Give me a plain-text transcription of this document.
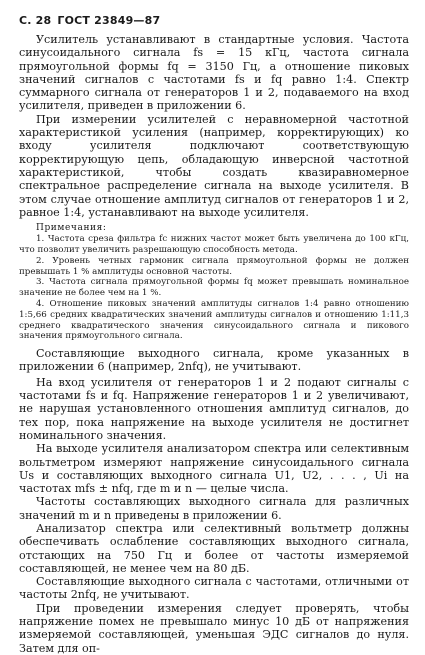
С. 28 ГОСТ 23849—87

Усилитель устанавливают в стандартные условия. Частота синусоидального сигнала fs = 15 кГц, частота сигнала прямоугольной формы fq = 3150 Гц, а отношение пиковых значений сигналов с частотами fs и fq равно 1:4. Спектр суммарного сигнала от генераторов 1 и 2, подаваемого на вход усилителя, приведен в приложении 6.

При измерении усилителей с неравномерной частотной характеристикой усиления (например, корректирующих) ко входу усилителя подключают соответствующую корректирующую цепь, обладающую инверсной частотной характеристикой, чтобы создать квазиравномерное спектральное распределение сигнала на выходе усилителя. В этом случае отношение амплитуд сигналов от генераторов 1 и 2, равное 1:4, устанавливают на выходе усилителя.

Примечания:

1. Частота среза фильтра fс нижних частот может быть увеличена до 100 кГц, что позволит увеличить разрешающую способность метода.

2. Уровень четных гармоник сигнала прямоугольной формы не должен превышать 1 % амплитуды основной частоты.

3. Частота сигнала прямоугольной формы fq может превышать номинальное значение не более чем на 1 %.

4. Отношение пиковых значений амплитуды сигналов 1:4 равно отношению 1:5,66 средних квадратических значений амплитуды сигналов и отношению 1:11,3 среднего квадратического значения синусоидального сигнала и пикового значения прямоугольного сигнала.

Составляющие выходного сигнала, кроме указанных в приложении 6 (например, 2nfq), не учитывают.

На вход усилителя от генераторов 1 и 2 подают сигналы с частотами fs и fq. Напряжение генераторов 1 и 2 увеличивают, не нарушая установленного отношения амплитуд сигналов, до тех пор, пока напряжение на выходе усилителя не достигнет номинального значения.

На выходе усилителя анализатором спектра или селективным вольтметром измеряют напряжение синусоидального сигнала Us и составляющих выходного сигнала U1, U2, . . . , Ui на частотах mfs ± nfq, где m и n — целые числа.

Частоты составляющих выходного сигнала для различных значений m и n приведены в приложении 6.

Анализатор спектра или селективный вольтметр должны обеспечивать ослабление составляющих выходного сигнала, отстающих на 750 Гц и более от частоты измеряемой составляющей, не менее чем на 80 дБ.

Составляющие выходного сигнала с частотами, отличными от частоты 2nfq, не учитывают.

При проведении измерения следует проверять, чтобы напряжение помех не превышало минус 10 дБ от напряжения измеряемой составляющей, уменьшая ЭДС сигналов до нуля. Затем для оп-
